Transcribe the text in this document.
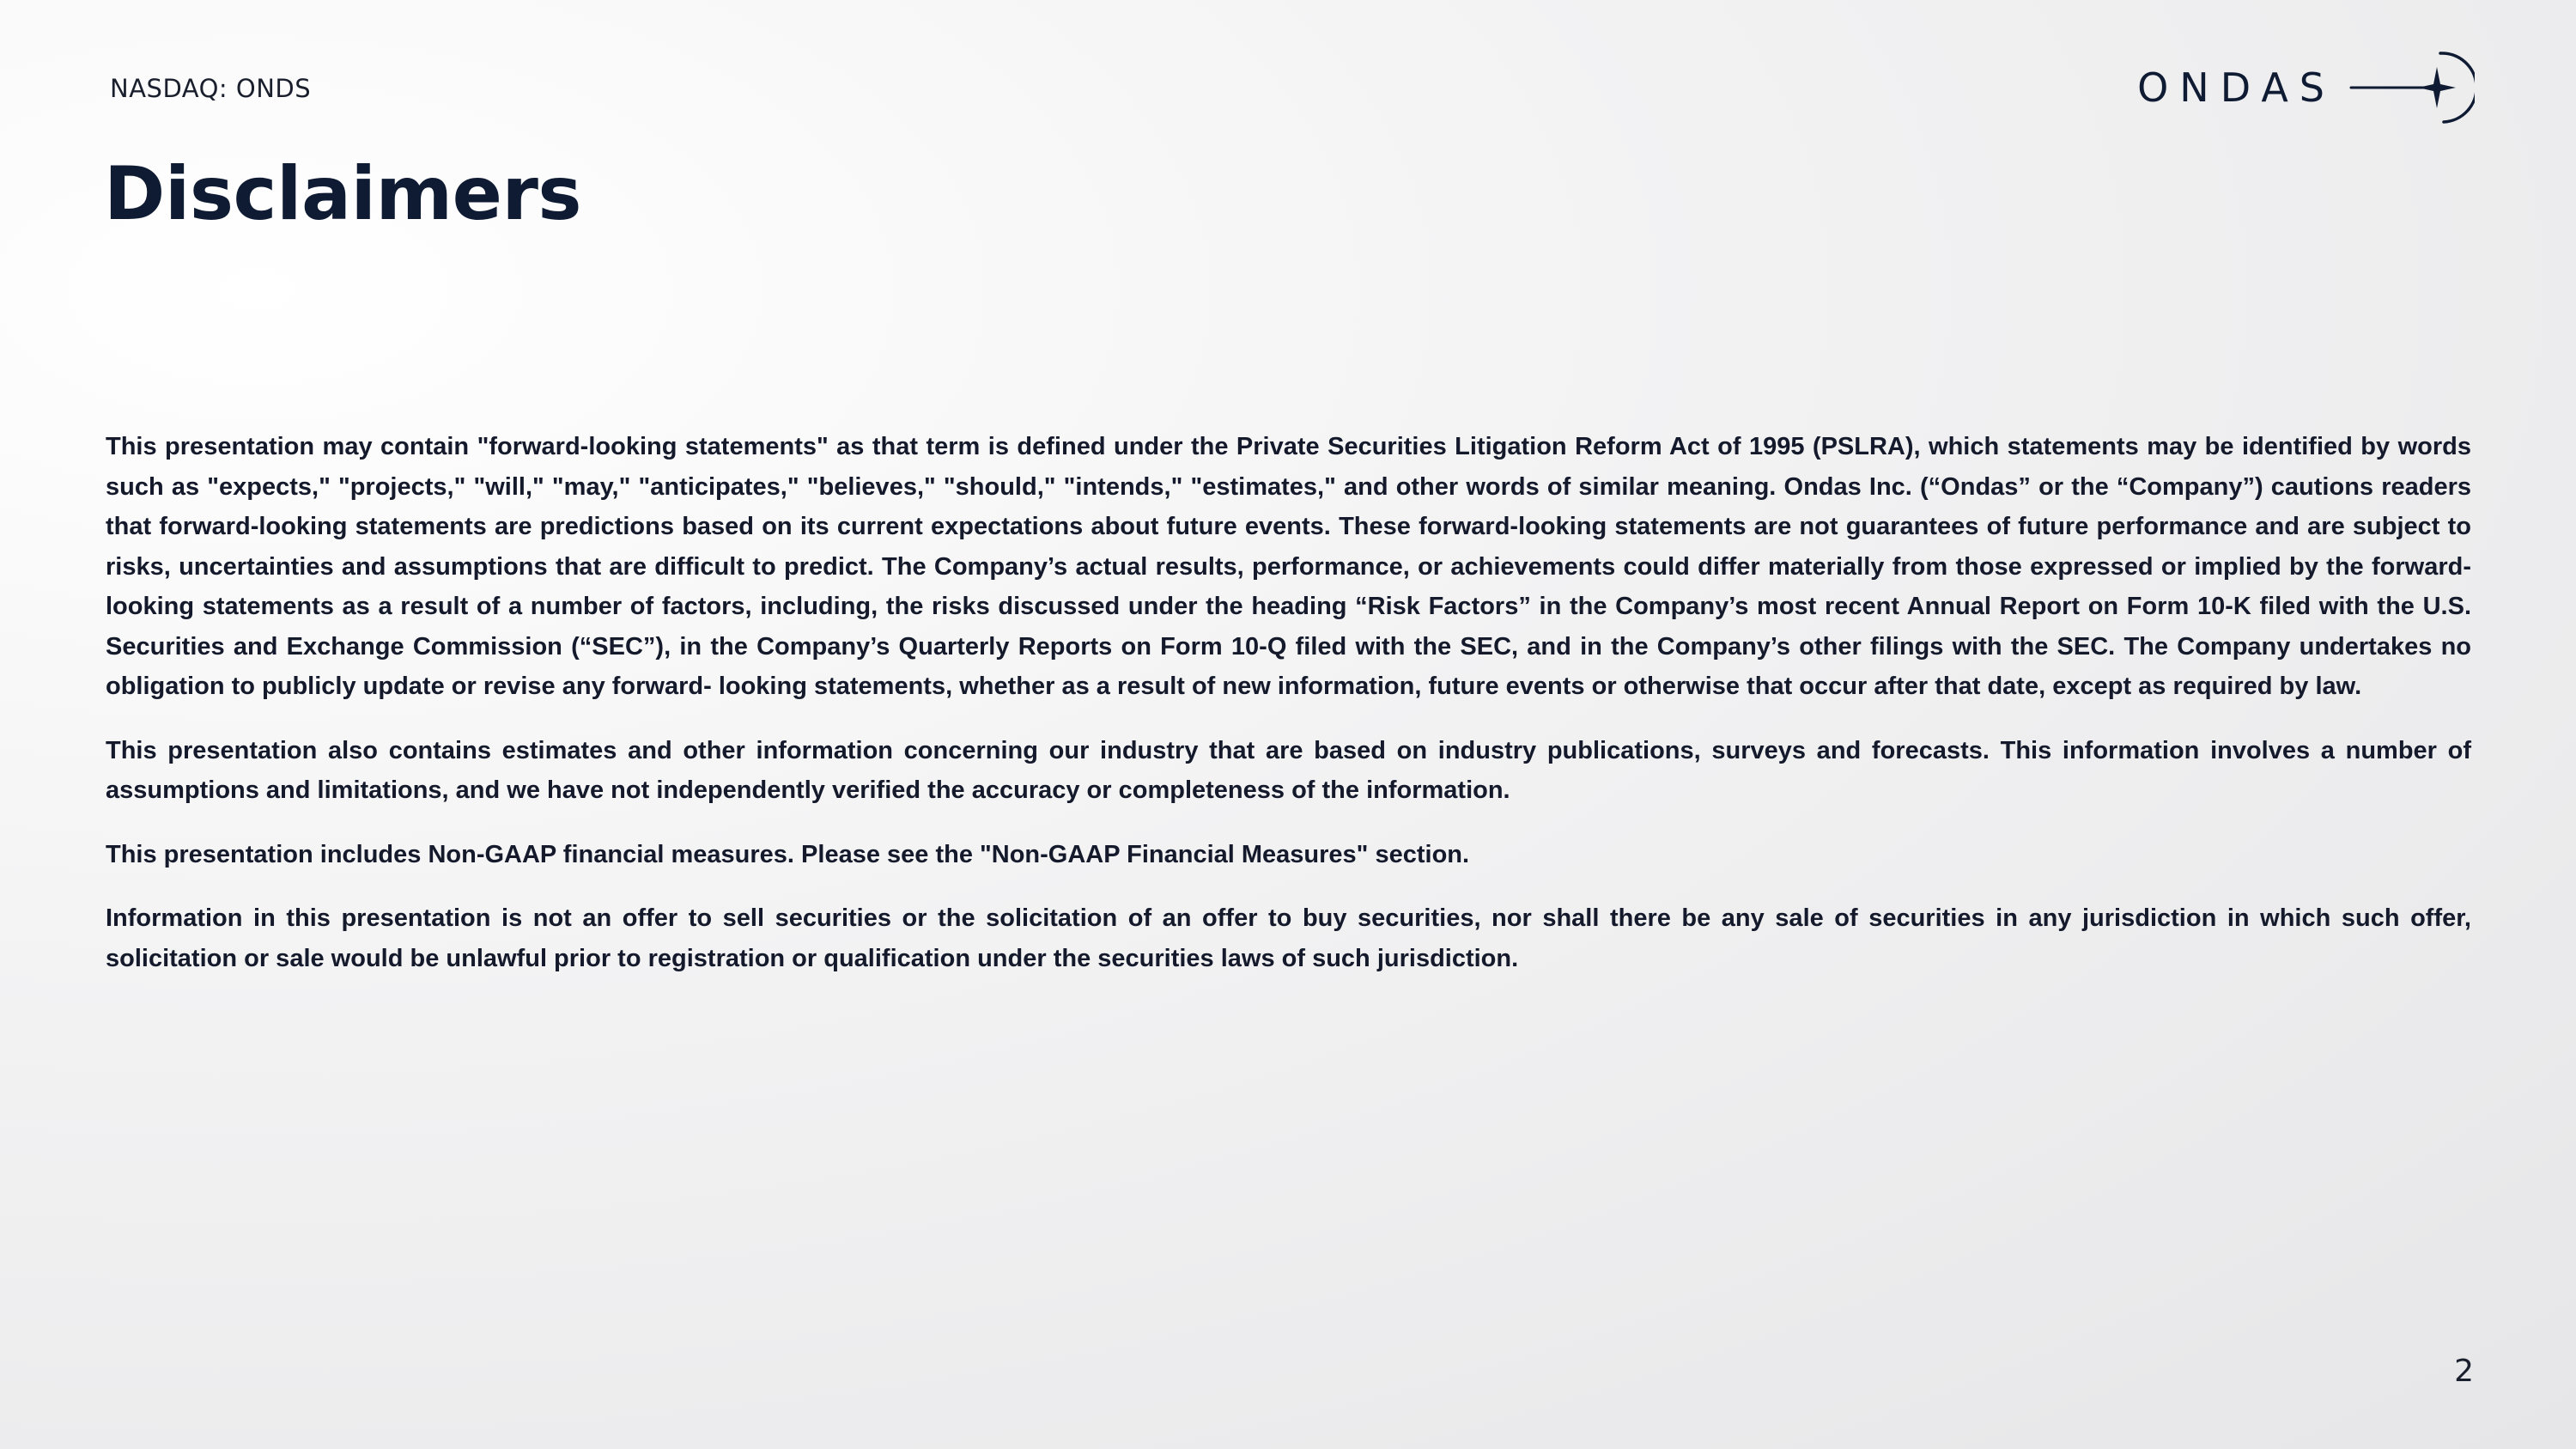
NASDAQ: ONDS	ONDAS
Disclaimers

This presentation may contain "forward-looking statements" as that term is defined under the Private Securities Litigation Reform Act of 1995 (PSLRA), which statements may be identified by words such as "expects," "projects," "will," "may," "anticipates," "believes," "should," "intends," "estimates," and other words of similar meaning. Ondas Inc. (“Ondas” or the “Company”) cautions readers that forward-looking statements are predictions based on its current expectations about future events. These forward-looking statements are not guarantees of future performance and are subject to risks, uncertainties and assumptions that are difficult to predict. The Company’s actual results, performance, or achievements could differ materially from those expressed or implied by the forward-looking statements as a result of a number of factors, including, the risks discussed under the heading “Risk Factors” in the Company’s most recent Annual Report on Form 10-K filed with the U.S. Securities and Exchange Commission (“SEC”), in the Company’s Quarterly Reports on Form 10-Q filed with the SEC, and in the Company’s other filings with the SEC. The Company undertakes no obligation to publicly update or revise any forward- looking statements, whether as a result of new information, future events or otherwise that occur after that date, except as required by law.

This presentation also contains estimates and other information concerning our industry that are based on industry publications, surveys and forecasts. This information involves a number of assumptions and limitations, and we have not independently verified the accuracy or completeness of the information.

This presentation includes Non-GAAP financial measures. Please see the "Non-GAAP Financial Measures" section.

Information in this presentation is not an offer to sell securities or the solicitation of an offer to buy securities, nor shall there be any sale of securities in any jurisdiction in which such offer, solicitation or sale would be unlawful prior to registration or qualification under the securities laws of such jurisdiction.

2
